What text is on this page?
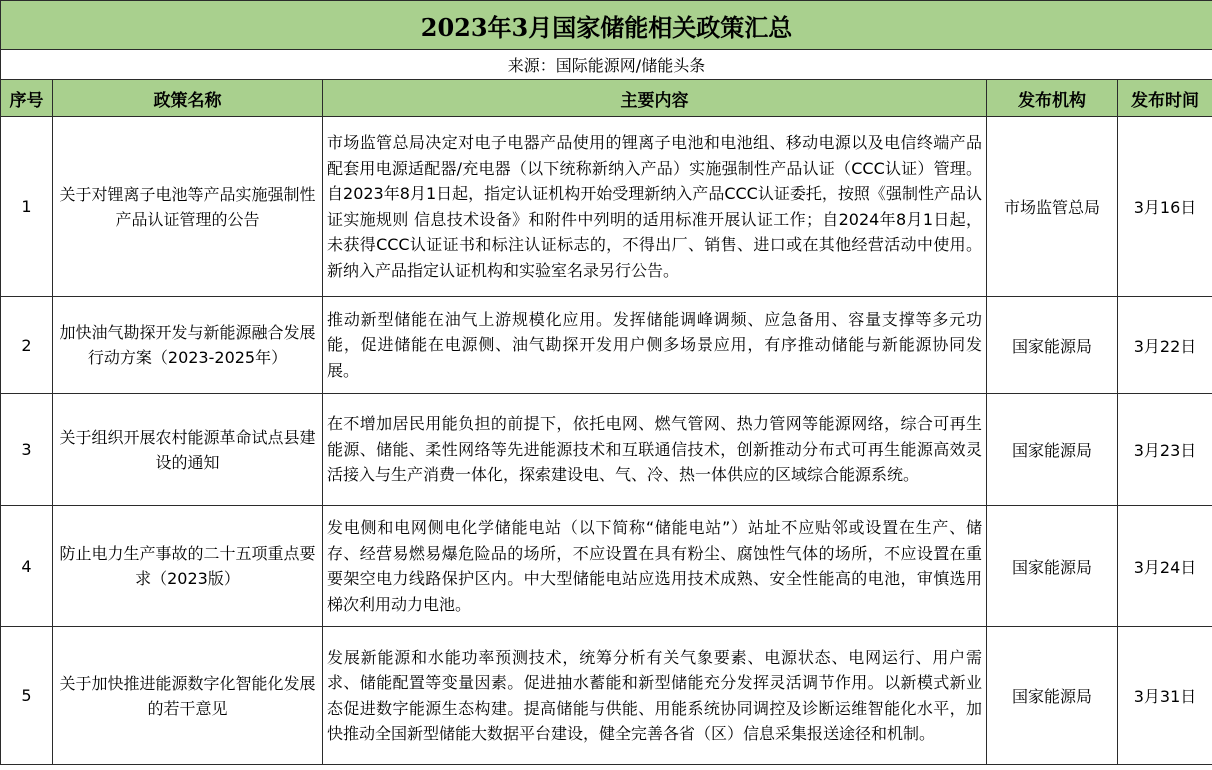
2023年3月国家储能相关政策汇总				
来源：国际能源网/储能头条				
序号	政策名称	主要内容	发布机构	发布时间
1	关于对锂离子电池等产品实施强制性产品认证管理的公告	市场监管总局决定对电子电器产品使用的锂离子电池和电池组、移动电源以及电信终端产品配套用电源适配器/充电器（以下统称新纳入产品）实施强制性产品认证（CCC认证）管理。自2023年8月1日起，指定认证机构开始受理新纳入产品CCC认证委托，按照《强制性产品认证实施规则 信息技术设备》和附件中列明的适用标准开展认证工作；自2024年8月1日起，未获得CCC认证证书和标注认证标志的，不得出厂、销售、进口或在其他经营活动中使用。新纳入产品指定认证机构和实验室名录另行公告。	市场监管总局	3月16日
2	加快油气勘探开发与新能源融合发展行动方案（2023-2025年）	推动新型储能在油气上游规模化应用。发挥储能调峰调频、应急备用、容量支撑等多元功能，促进储能在电源侧、油气勘探开发用户侧多场景应用，有序推动储能与新能源协同发展。	国家能源局	3月22日
3	关于组织开展农村能源革命试点县建设的通知	在不增加居民用能负担的前提下，依托电网、燃气管网、热力管网等能源网络，综合可再生能源、储能、柔性网络等先进能源技术和互联通信技术，创新推动分布式可再生能源高效灵活接入与生产消费一体化，探索建设电、气、冷、热一体供应的区域综合能源系统。	国家能源局	3月23日
4	防止电力生产事故的二十五项重点要求（2023版）	发电侧和电网侧电化学储能电站（以下简称“储能电站”）站址不应贴邻或设置在生产、储存、经营易燃易爆危险品的场所，不应设置在具有粉尘、腐蚀性气体的场所，不应设置在重要架空电力线路保护区内。中大型储能电站应选用技术成熟、安全性能高的电池，审慎选用梯次利用动力电池。	国家能源局	3月24日
5	关于加快推进能源数字化智能化发展的若干意见	发展新能源和水能功率预测技术，统筹分析有关气象要素、电源状态、电网运行、用户需求、储能配置等变量因素。促进抽水蓄能和新型储能充分发挥灵活调节作用。以新模式新业态促进数字能源生态构建。提高储能与供能、用能系统协同调控及诊断运维智能化水平，加快推动全国新型储能大数据平台建设，健全完善各省（区）信息采集报送途径和机制。	国家能源局	3月31日
